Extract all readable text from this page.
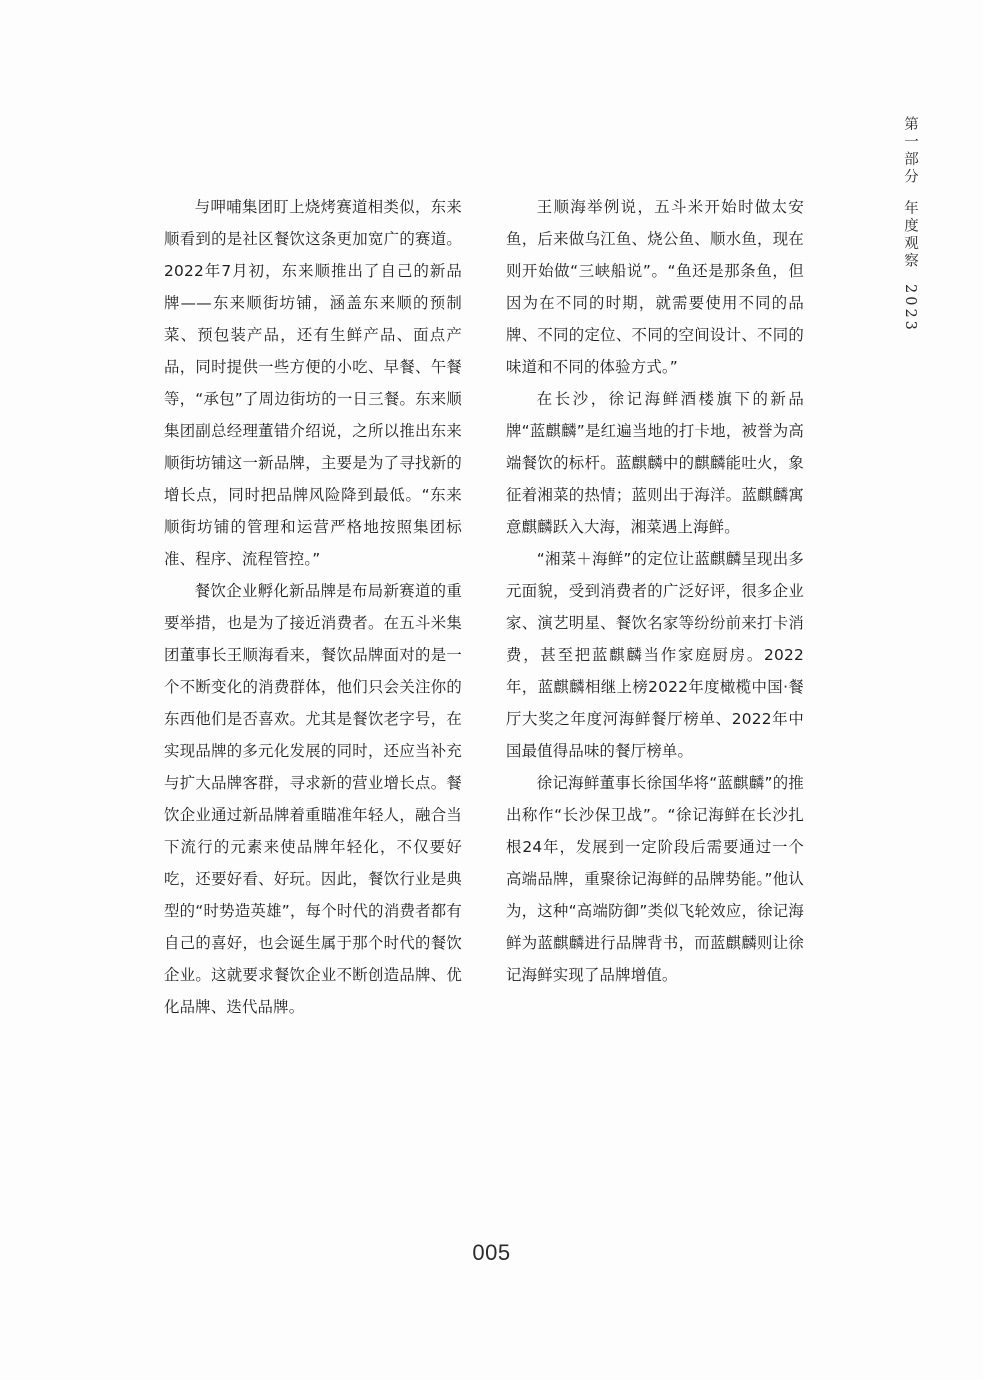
第一部分年度观察2023

与呷哺集团盯上烧烤赛道相类似，东来顺看到的是社区餐饮这条更加宽广的赛道。2022年7月初，东来顺推出了自己的新品牌——东来顺街坊铺，涵盖东来顺的预制菜、预包装产品，还有生鲜产品、面点产品，同时提供一些方便的小吃、早餐、午餐等，“承包”了周边街坊的一日三餐。东来顺集团副总经理董错介绍说，之所以推出东来顺街坊铺这一新品牌，主要是为了寻找新的增长点，同时把品牌风险降到最低。“东来顺街坊铺的管理和运营严格地按照集团标准、程序、流程管控。”

餐饮企业孵化新品牌是布局新赛道的重要举措，也是为了接近消费者。在五斗米集团董事长王顺海看来，餐饮品牌面对的是一个不断变化的消费群体，他们只会关注你的东西他们是否喜欢。尤其是餐饮老字号，在实现品牌的多元化发展的同时，还应当补充与扩大品牌客群，寻求新的营业增长点。餐饮企业通过新品牌着重瞄准年轻人，融合当下流行的元素来使品牌年轻化，不仅要好吃，还要好看、好玩。因此，餐饮行业是典型的“时势造英雄”，每个时代的消费者都有自己的喜好，也会诞生属于那个时代的餐饮企业。这就要求餐饮企业不断创造品牌、优化品牌、迭代品牌。

王顺海举例说，五斗米开始时做太安鱼，后来做乌江鱼、烧公鱼、顺水鱼，现在则开始做“三峡船说”。“鱼还是那条鱼，但因为在不同的时期，就需要使用不同的品牌、不同的定位、不同的空间设计、不同的味道和不同的体验方式。”

在长沙，徐记海鲜酒楼旗下的新品牌“蓝麒麟”是红遍当地的打卡地，被誉为高端餐饮的标杆。蓝麒麟中的麒麟能吐火，象征着湘菜的热情；蓝则出于海洋。蓝麒麟寓意麒麟跃入大海，湘菜遇上海鲜。

“湘菜＋海鲜”的定位让蓝麒麟呈现出多元面貌，受到消费者的广泛好评，很多企业家、演艺明星、餐饮名家等纷纷前来打卡消费，甚至把蓝麒麟当作家庭厨房。2022年，蓝麒麟相继上榜2022年度橄榄中国·餐厅大奖之年度河海鲜餐厅榜单、2022年中国最值得品味的餐厅榜单。

徐记海鲜董事长徐国华将“蓝麒麟”的推出称作“长沙保卫战”。“徐记海鲜在长沙扎根24年，发展到一定阶段后需要通过一个高端品牌，重聚徐记海鲜的品牌势能。”他认为，这种“高端防御”类似飞轮效应，徐记海鲜为蓝麒麟进行品牌背书，而蓝麒麟则让徐记海鲜实现了品牌增值。

005
